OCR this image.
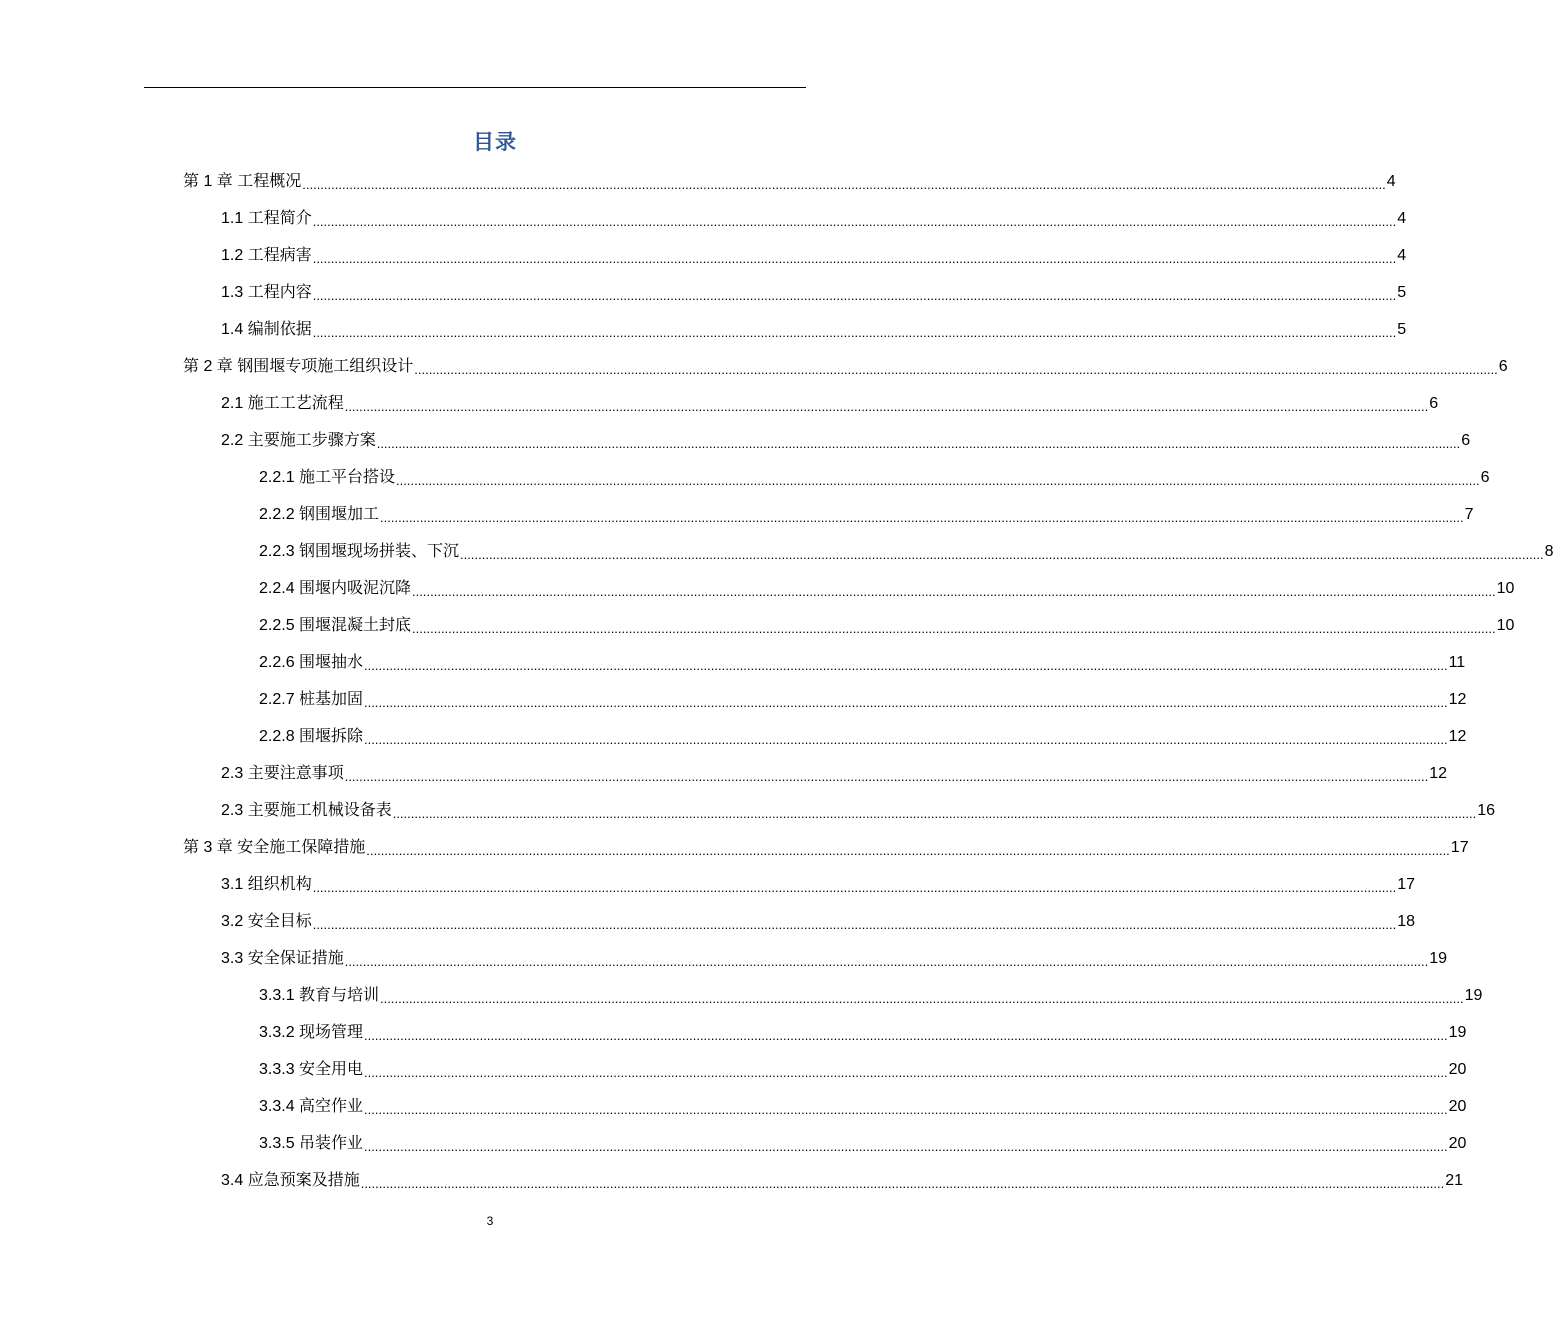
目录
第 1 章 工程概况 ............................................................................................................................................................................................................................................................................................................ 4
1.1 工程简介 ............................................................................................................................................................................................................................................................................................................ 4
1.2 工程病害 ............................................................................................................................................................................................................................................................................................................ 4
1.3 工程内容 ............................................................................................................................................................................................................................................................................................................ 5
1.4 编制依据 ............................................................................................................................................................................................................................................................................................................ 5
第 2 章 钢围堰专项施工组织设计 ............................................................................................................................................................................................................................................................................................................ 6
2.1 施工工艺流程 ............................................................................................................................................................................................................................................................................................................ 6
2.2 主要施工步骤方案 ............................................................................................................................................................................................................................................................................................................ 6
2.2.1 施工平台搭设 ............................................................................................................................................................................................................................................................................................................ 6
2.2.2 钢围堰加工 ............................................................................................................................................................................................................................................................................................................ 7
2.2.3 钢围堰现场拼装、下沉 ............................................................................................................................................................................................................................................................................................................ 8
2.2.4 围堰内吸泥沉降 ............................................................................................................................................................................................................................................................................................................ 10
2.2.5 围堰混凝土封底 ............................................................................................................................................................................................................................................................................................................ 10
2.2.6 围堰抽水 ............................................................................................................................................................................................................................................................................................................ 11
2.2.7 桩基加固 ............................................................................................................................................................................................................................................................................................................ 12
2.2.8 围堰拆除 ............................................................................................................................................................................................................................................................................................................ 12
2.3 主要注意事项 ............................................................................................................................................................................................................................................................................................................ 12
2.3 主要施工机械设备表 ............................................................................................................................................................................................................................................................................................................ 16
第 3 章 安全施工保障措施 ............................................................................................................................................................................................................................................................................................................ 17
3.1 组织机构 ............................................................................................................................................................................................................................................................................................................ 17
3.2 安全目标 ............................................................................................................................................................................................................................................................................................................ 18
3.3 安全保证措施 ............................................................................................................................................................................................................................................................................................................ 19
3.3.1 教育与培训 ............................................................................................................................................................................................................................................................................................................ 19
3.3.2 现场管理 ............................................................................................................................................................................................................................................................................................................ 19
3.3.3 安全用电 ............................................................................................................................................................................................................................................................................................................ 20
3.3.4 高空作业 ............................................................................................................................................................................................................................................................................................................ 20
3.3.5 吊装作业 ............................................................................................................................................................................................................................................................................................................ 20
3.4 应急预案及措施 ............................................................................................................................................................................................................................................................................................................ 21
3
